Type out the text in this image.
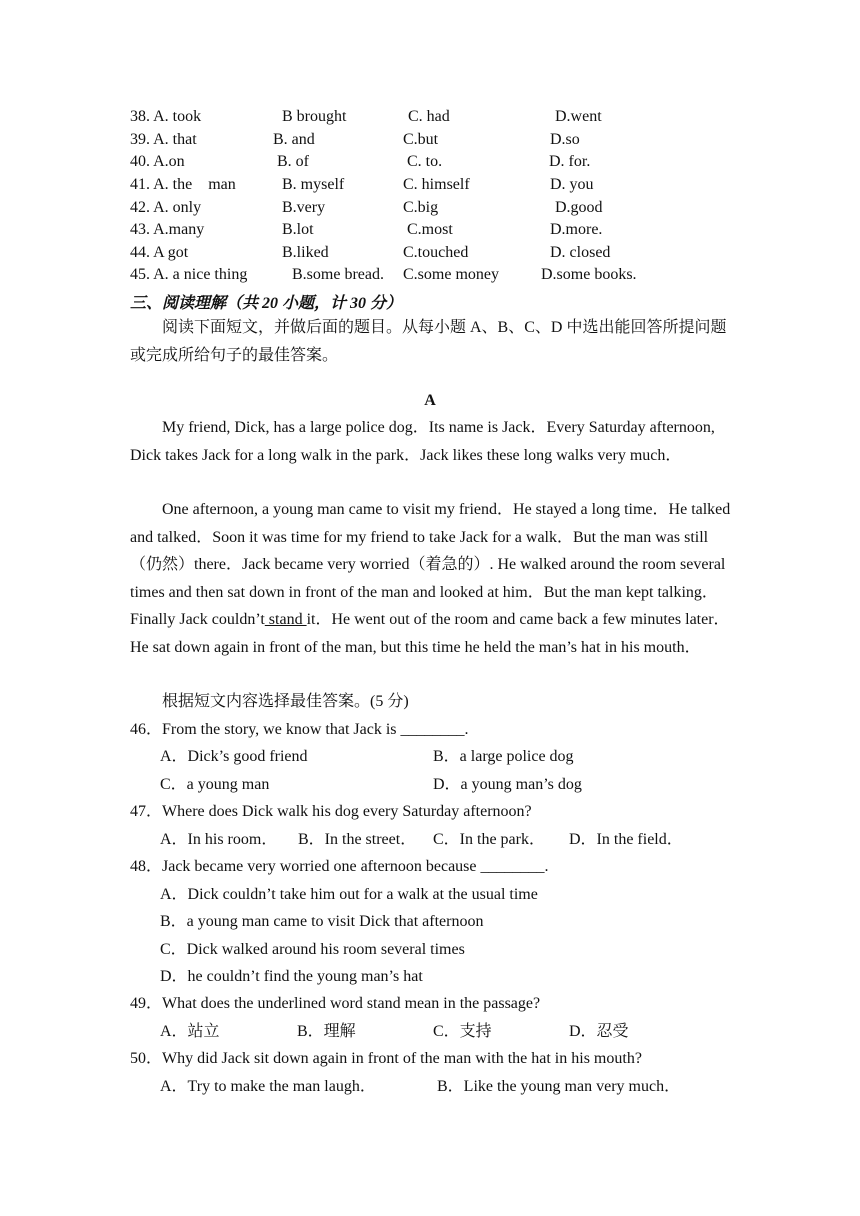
38. A. took	B brought	C. had	D.went
39. A. that	B. and	C.but	D.so
40. A.on	B. of	C. to.	D. for.
41. A. the    man	B. myself	C. himself	D. you
42. A. only	B.very	C.big	D.good
43. A.many	B.lot	C.most	D.more.
44. A got	B.liked	C.touched	D. closed
45. A. a nice thing	B.some bread. C.some money	D.some books.
三、阅读理解（共 20 小题，计 30 分）

阅读下面短文，并做后面的题目。从每小题 A、B、C、D 中选出能回答所提问题或完成所给句子的最佳答案。

A

My friend, Dick, has a large police dog．Its name is Jack．Every Saturday afternoon, Dick takes Jack for a long walk in the park．Jack likes these long walks very much．

One afternoon, a young man came to visit my friend．He stayed a long time．He talked and talked．Soon it was time for my friend to take Jack for a walk．But the man was still（仍然）there．Jack became very worried（着急的）. He walked around the room several times and then sat down in front of the man and looked at him．But the man kept talking．Finally Jack couldn’t stand it．He went out of the room and came back a few minutes later．He sat down again in front of the man, but this time he held the man’s hat in his mouth．

根据短文内容选择最佳答案。(5 分)
46．From the story, we know that Jack is ________.
A．Dick’s good friend	B．a large police dog
C．a young man	D．a young man’s dog
47．Where does Dick walk his dog every Saturday afternoon?
A．In his room． B．In the street． C．In the park． D．In the field．
48．Jack became very worried one afternoon because ________.
A．Dick couldn’t take him out for a walk at the usual time
B．a young man came to visit Dick that afternoon
C．Dick walked around his room several times
D．he couldn’t find the young man’s hat
49．What does the underlined word stand mean in the passage?
A．站立	B．理解	C．支持	D．忍受
50．Why did Jack sit down again in front of the man with the hat in his mouth?
A．Try to make the man laugh．	B．Like the young man very much．
